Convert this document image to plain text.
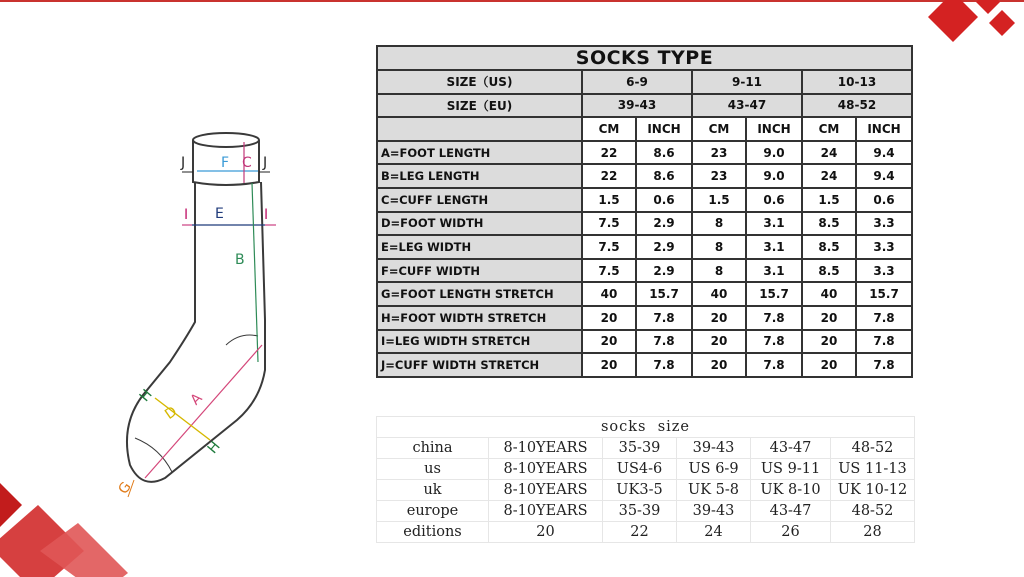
F C
J	J
E
I	I
B
A
D
H
H
G
SOCKS TYPE						
SIZE（US)	6-9		9-11		10-13	
SIZE（EU)	39-43		43-47		48-52	
	CM	INCH	CM	INCH	CM	INCH
A=FOOT LENGTH	22	8.6	23	9.0	24	9.4
B=LEG LENGTH	22	8.6	23	9.0	24	9.4
C=CUFF LENGTH	1.5	0.6	1.5	0.6	1.5	0.6
D=FOOT WIDTH	7.5	2.9	8	3.1	8.5	3.3
E=LEG WIDTH	7.5	2.9	8	3.1	8.5	3.3
F=CUFF WIDTH	7.5	2.9	8	3.1	8.5	3.3
G=FOOT LENGTH STRETCH	40	15.7	40	15.7	40	15.7
H=FOOT WIDTH STRETCH	20	7.8	20	7.8	20	7.8
I=LEG WIDTH STRETCH	20	7.8	20	7.8	20	7.8
J=CUFF WIDTH STRETCH	20	7.8	20	7.8	20	7.8
socks  size					
china	8-10YEARS	35-39	39-43	43-47	48-52
us	8-10YEARS	US4-6	US 6-9	US 9-11	US 11-13
uk	8-10YEARS	UK3-5	UK 5-8	UK 8-10	UK 10-12
europe	8-10YEARS	35-39	39-43	43-47	48-52
editions	20	22	24	26	28
